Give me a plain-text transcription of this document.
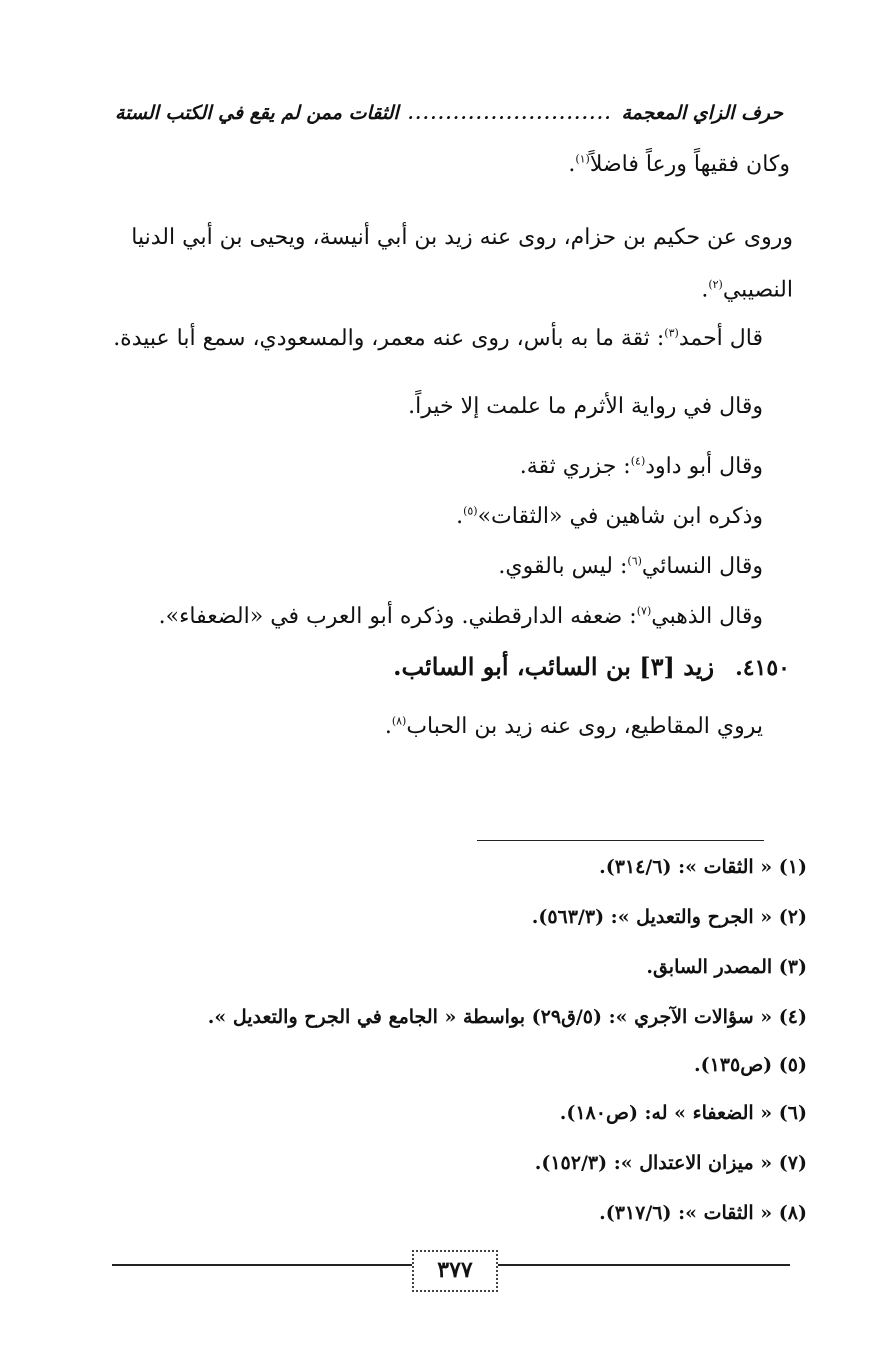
حرف الزاي المعجمة
...........................
الثقات ممن لم يقع في الكتب الستة
وكان فقيهاً ورعاً فاضلاً$^{(١)}$.
وروى عن حكيم بن حزام، روى عنه زيد بن أبي أنيسة، ويحيى بن أبي الدنيا النصيبي$^{(٢)}$.
قال أحمد$^{(٣)}$: ثقة ما به بأس، روى عنه معمر، والمسعودي، سمع أبا عبيدة.
وقال في رواية الأثرم ما علمت إلا خيراً.
وقال أبو داود$^{(٤)}$: جزري ثقة.
وذكره ابن شاهين في «الثقات»$^{(٥)}$.
وقال النسائي$^{(٦)}$: ليس بالقوي.
وقال الذهبي$^{(٧)}$: ضعفه الدارقطني. وذكره أبو العرب في «الضعفاء».
٤١٥٠.   زيد [٣] بن السائب، أبو السائب.
يروي المقاطيع، روى عنه زيد بن الحباب$^{(٨)}$.
(١) « الثقات »: (٣١٤/٦).
(٢) « الجرح والتعديل »: (٥٦٣/٣).
(٣) المصدر السابق.
(٤) « سؤالات الآجري »: (٥/ق٢٩) بواسطة « الجامع في الجرح والتعديل ».
(٥) (ص١٣٥).
(٦) « الضعفاء » له: (ص١٨٠).
(٧) « ميزان الاعتدال »: (١٥٢/٣).
(٨) « الثقات »: (٣١٧/٦).
٣٧٧
